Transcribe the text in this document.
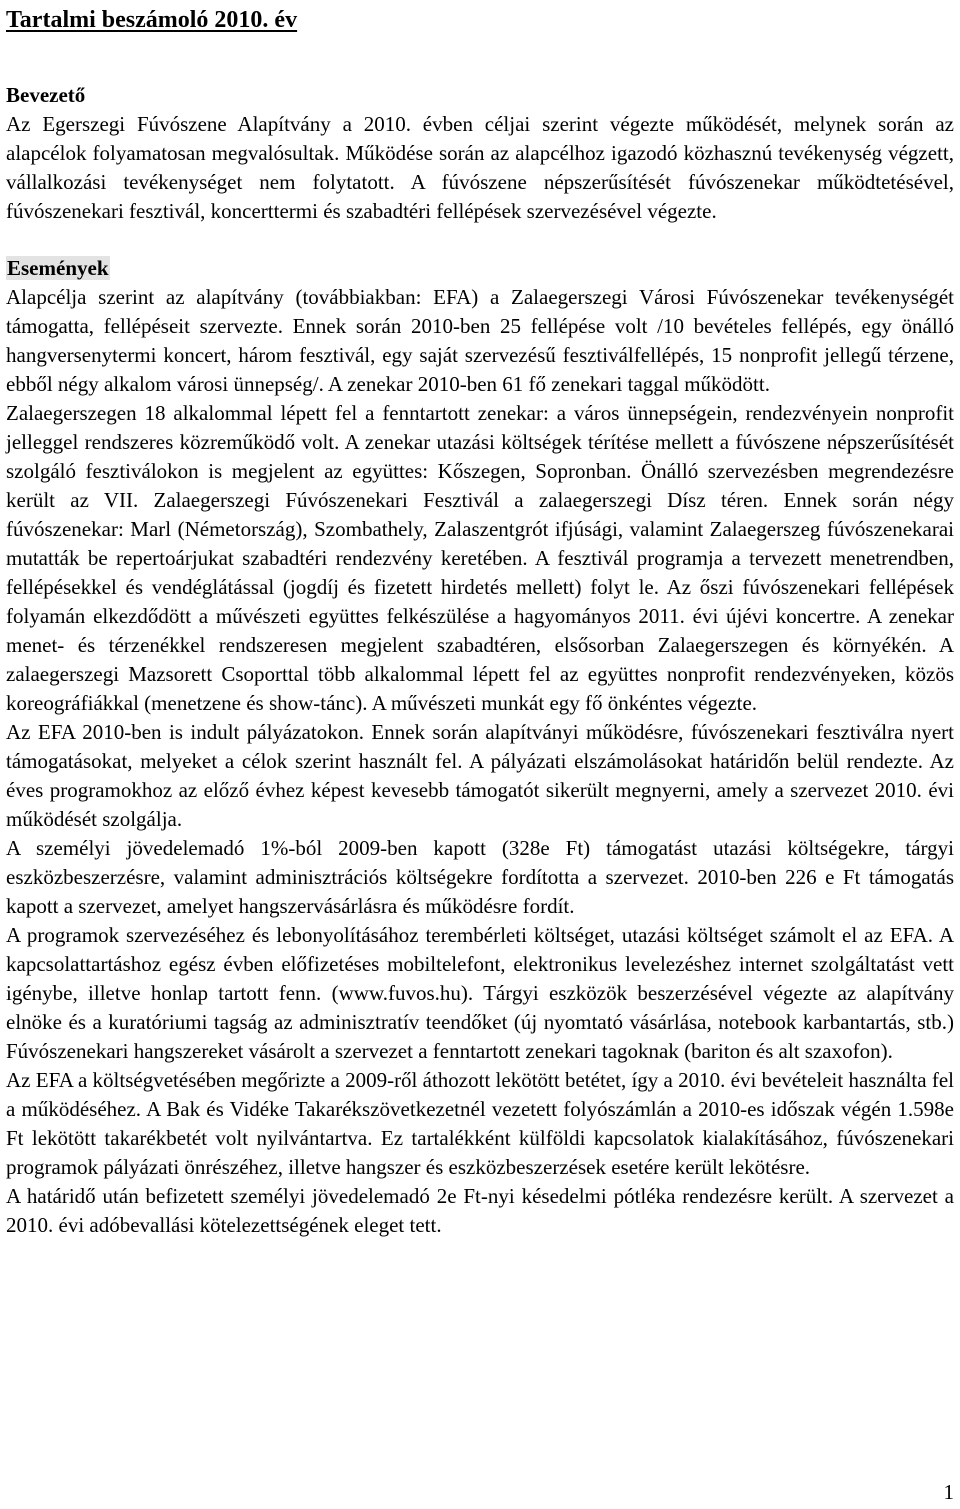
Tartalmi beszámoló 2010. év
Bevezető

Az Egerszegi Fúvószene Alapítvány a 2010. évben céljai szerint végezte működését, melynek során az alapcélok folyamatosan megvalósultak. Működése során az alapcélhoz igazodó közhasznú tevékenység végzett, vállalkozási tevékenységet nem folytatott. A fúvószene népszerűsítését fúvószenekar működtetésével, fúvószenekari fesztivál, koncerttermi és szabadtéri fellépések szervezésével végezte.

Események

Alapcélja szerint az alapítvány (továbbiakban: EFA) a Zalaegerszegi Városi Fúvószenekar tevékenységét támogatta, fellépéseit szervezte. Ennek során 2010-ben 25 fellépése volt /10 bevételes fellépés, egy önálló hangversenytermi koncert, három fesztivál, egy saját szervezésű fesztiválfellépés, 15 nonprofit jellegű térzene, ebből négy alkalom városi ünnepség/. A zenekar 2010-ben 61 fő zenekari taggal működött.

Zalaegerszegen 18 alkalommal lépett fel a fenntartott zenekar: a város ünnepségein, rendezvényein nonprofit jelleggel rendszeres közreműködő volt. A zenekar utazási költségek térítése mellett a fúvószene népszerűsítését szolgáló fesztiválokon is megjelent az együttes: Kőszegen, Sopronban. Önálló szervezésben megrendezésre került az VII. Zalaegerszegi Fúvószenekari Fesztivál a zalaegerszegi Dísz téren. Ennek során négy fúvószenekar: Marl (Németország), Szombathely, Zalaszentgrót ifjúsági, valamint Zalaegerszeg fúvószenekarai mutatták be repertoárjukat szabadtéri rendezvény keretében. A fesztivál programja a tervezett menetrendben, fellépésekkel és vendéglátással (jogdíj és fizetett hirdetés mellett) folyt le. Az őszi fúvószenekari fellépések folyamán elkezdődött a művészeti együttes felkészülése a hagyományos 2011. évi újévi koncertre. A zenekar menet- és térzenékkel rendszeresen megjelent szabadtéren, elsősorban Zalaegerszegen és környékén. A zalaegerszegi Mazsorett Csoporttal több alkalommal lépett fel az együttes nonprofit rendezvényeken, közös koreográfiákkal (menetzene és show-tánc). A művészeti munkát egy fő önkéntes végezte.

Az EFA 2010-ben is indult pályázatokon. Ennek során alapítványi működésre, fúvószenekari fesztiválra nyert támogatásokat, melyeket a célok szerint használt fel. A pályázati elszámolásokat határidőn belül rendezte. Az éves programokhoz az előző évhez képest kevesebb támogatót sikerült megnyerni, amely a szervezet 2010. évi működését szolgálja.

A személyi jövedelemadó 1%-ból 2009-ben kapott (328e Ft) támogatást utazási költségekre, tárgyi eszközbeszerzésre, valamint adminisztrációs költségekre fordította a szervezet. 2010-ben 226 e Ft támogatás kapott a szervezet, amelyet hangszervásárlásra és működésre fordít.

A programok szervezéséhez és lebonyolításához terembérleti költséget, utazási költséget számolt el az EFA. A kapcsolattartáshoz egész évben előfizetéses mobiltelefont, elektronikus levelezéshez internet szolgáltatást vett igénybe, illetve honlap tartott fenn. (www.fuvos.hu). Tárgyi eszközök beszerzésével végezte az alapítvány elnöke és a kuratóriumi tagság az adminisztratív teendőket (új nyomtató vásárlása, notebook karbantartás, stb.) Fúvószenekari hangszereket vásárolt a szervezet a fenntartott zenekari tagoknak (bariton és alt szaxofon).

Az EFA a költségvetésében megőrizte a 2009-ről áthozott lekötött betétet, így a 2010. évi bevételeit használta fel a működéséhez. A Bak és Vidéke Takarékszövetkezetnél vezetett folyószámlán a 2010-es időszak végén 1.598e Ft lekötött takarékbetét volt nyilvántartva. Ez tartalékként külföldi kapcsolatok kialakításához, fúvószenekari programok pályázati önrészéhez, illetve hangszer és eszközbeszerzések esetére került lekötésre.

A határidő után befizetett személyi jövedelemadó 2e Ft-nyi késedelmi pótléka rendezésre került. A szervezet a 2010. évi adóbevallási kötelezettségének eleget tett.

1
